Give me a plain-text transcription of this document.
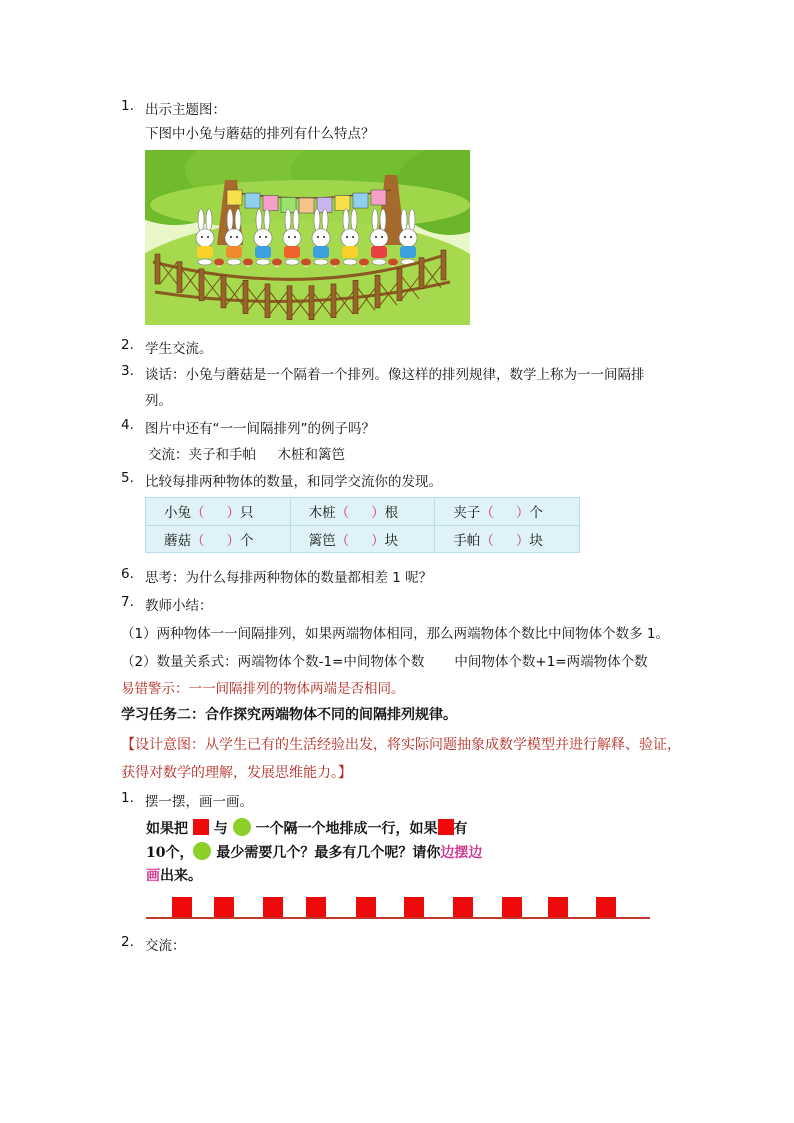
1. 出示主题图：
下图中小兔与蘑菇的排列有什么特点？
2. 学生交流。
3. 谈话：小兔与蘑菇是一个隔着一个排列。像这样的排列规律，数学上称为一一间隔排
列。
4. 图片中还有“一一间隔排列”的例子吗？
交流：夹子和手帕     木桩和篱笆
5. 比较每排两种物体的数量，和同学交流你的发现。
小兔（ ）只	木桩（ ）根	夹子（ ）个
蘑菇（ ）个	篱笆（ ）块	手帕（ ）块
6. 思考：为什么每排两种物体的数量都相差 1 呢？
7. 教师小结：
（1）两种物体一一间隔排列，如果两端物体相同，那么两端物体个数比中间物体个数多 1。
（2）数量关系式：两端物体个数-1=中间物体个数       中间物体个数+1=两端物体个数
易错警示：一一间隔排列的物体两端是否相同。
学习任务二：合作探究两端物体不同的间隔排列规律。
【设计意图：从学生已有的生活经验出发，将实际问题抽象成数学模型并进行解释、验证，
获得对数学的理解，发展思维能力。】
1. 摆一摆，画一画。
如果把 与 一个隔一个地排成一行，如果 有
10个， 最少需要几个？最多有几个呢？请你边摆边
画出来。
2. 交流：
